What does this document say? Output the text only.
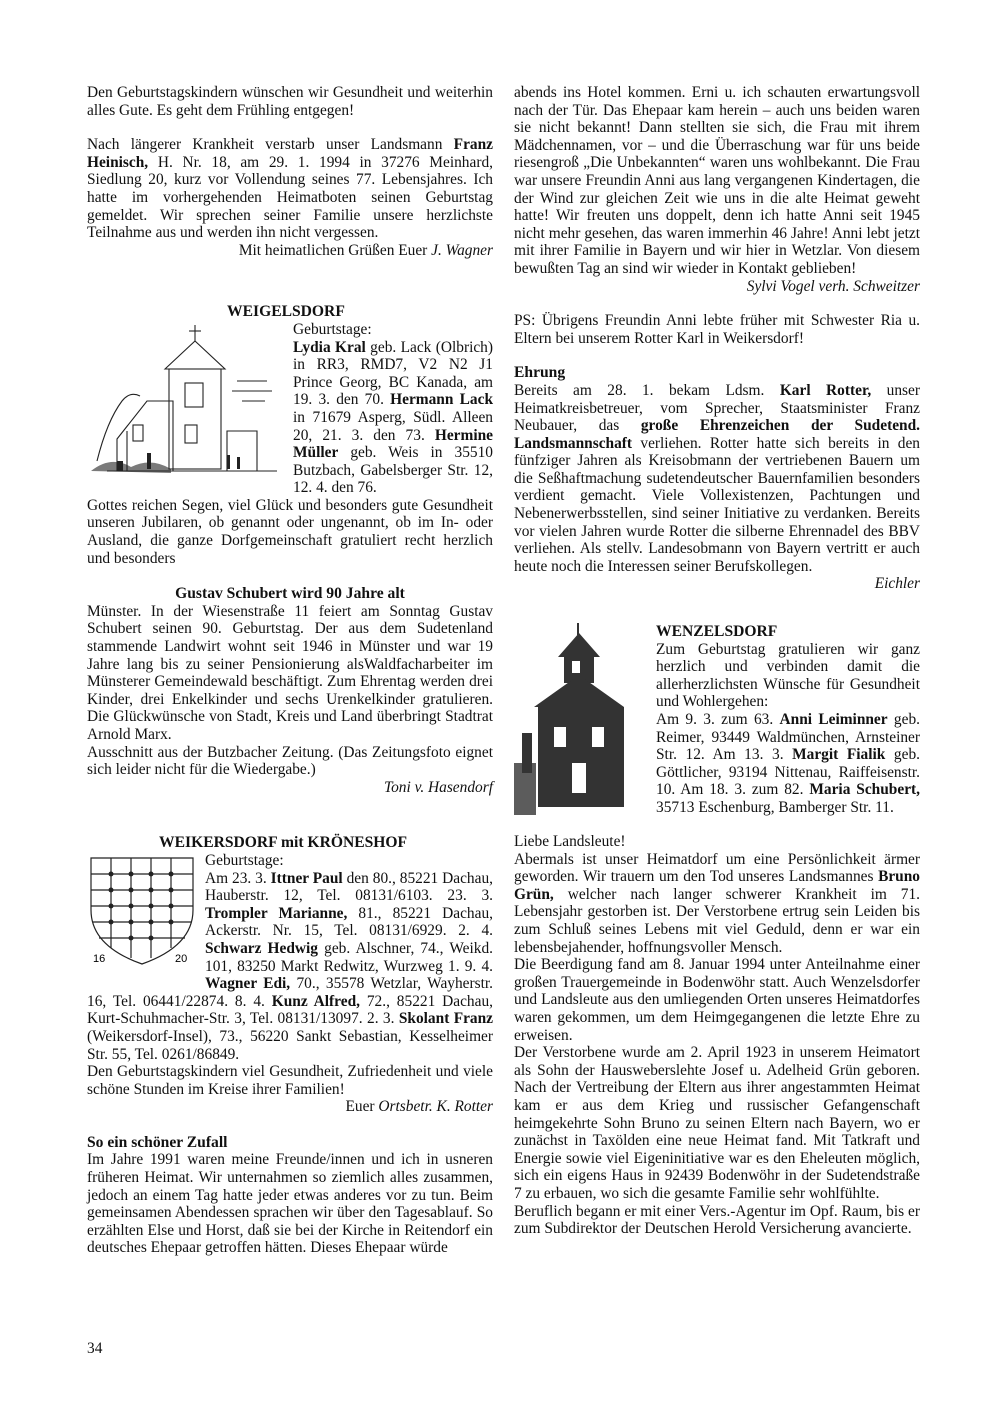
Den Geburtstagskindern wünschen wir Gesundheit und weiterhin alles Gute. Es geht dem Frühling entgegen!

Nach längerer Krankheit verstarb unser Landsmann Franz Heinisch, H. Nr. 18, am 29. 1. 1994 in 37276 Meinhard, Siedlung 20, kurz vor Vollendung seines 77. Lebensjahres. Ich hatte im vorhergehenden Heimatboten seinen Geburtstag gemeldet. Wir sprechen seiner Familie unsere herzlichste Teilnahme aus und werden ihn nicht vergessen.

Mit heimatlichen Grüßen Euer J. Wagner

WEIGELSDORF
Geburtstage:

Lydia Kral geb. Lack (Olbrich) in RR3, RMD7, V2 N2 J1 Prince Georg, BC Kanada, am 19. 3. den 70. Hermann Lack in 71679 Asperg, Südl. Alleen 20, 21. 3. den 73. Hermine Müller geb. Weis in 35510 Butzbach, Gabelsberger Str. 12, 12. 4. den 76.

Gottes reichen Segen, viel Glück und besonders gute Gesundheit unseren Jubilaren, ob genannt oder ungenannt, ob im In- oder Ausland, die ganze Dorfgemeinschaft gratuliert recht herzlich und besonders

Gustav Schubert wird 90 Jahre alt

Münster. In der Wiesenstraße 11 feiert am Sonntag Gustav Schubert seinen 90. Geburtstag. Der aus dem Sudetenland stammende Landwirt wohnt seit 1946 in Münster und war 19 Jahre lang bis zu seiner Pensionierung alsWaldfacharbeiter im Münsterer Gemeindewald beschäftigt. Zum Ehrentag werden drei Kinder, drei Enkelkinder und sechs Urenkelkinder gratulieren. Die Glückwünsche von Stadt, Kreis und Land überbringt Stadtrat Arnold Marx.

Ausschnitt aus der Butzbacher Zeitung. (Das Zeitungsfoto eignet sich leider nicht für die Wiedergabe.)

Toni v. Hasendorf

WEIKERSDORF mit KRÖNESHOF
16	20
Geburtstage:

Am 23. 3. Ittner Paul den 80., 85221 Dachau, Hauberstr. 12, Tel. 08131/6103. 23. 3. Trompler Marianne, 81., 85221 Dachau, Ackerstr. Nr. 15, Tel. 08131/6929. 2. 4. Schwarz Hedwig geb. Alschner, 74., Weikd. 101, 83250 Markt Redwitz, Wurzweg 1. 9. 4. Wagner Edi, 70., 35578 Wetzlar, Wayherstr. 16, Tel. 06441/22874. 8. 4. Kunz Alfred, 72., 85221 Dachau, Kurt-Schuhmacher-Str. 3, Tel. 08131/13097. 2. 3. Skolant Franz (Weikersdorf-Insel), 73., 56220 Sankt Sebastian, Kesselheimer Str. 55, Tel. 0261/86849.

Den Geburtstagskindern viel Gesundheit, Zufriedenheit und viele schöne Stunden im Kreise ihrer Familien!

Euer Ortsbetr. K. Rotter

So ein schöner Zufall

Im Jahre 1991 waren meine Freunde/innen und ich in usneren früheren Heimat. Wir unternahmen so ziemlich alles zusammen, jedoch an einem Tag hatte jeder etwas anderes vor zu tun. Beim gemeinsamen Abendessen sprachen wir über den Tagesablauf. So erzählten Else und Horst, daß sie bei der Kirche in Reitendorf ein deutsches Ehepaar getroffen hätten. Dieses Ehepaar würde

abends ins Hotel kommen. Erni u. ich schauten erwartungsvoll nach der Tür. Das Ehepaar kam herein – auch uns beiden waren sie nicht bekannt! Dann stellten sie sich, die Frau mit ihrem Mädchennamen, vor – und die Überraschung war für uns beide riesengroß „Die Unbekannten“ waren uns wohlbekannt. Die Frau war unsere Freundin Anni aus lang vergangenen Kindertagen, die der Wind zur gleichen Zeit wie uns in die alte Heimat geweht hatte! Wir freuten uns doppelt, denn ich hatte Anni seit 1945 nicht mehr gesehen, das waren immerhin 46 Jahre! Anni lebt jetzt mit ihrer Familie in Bayern und wir hier in Wetzlar. Von diesem bewußten Tag an sind wir wieder in Kontakt geblieben!

Sylvi Vogel verh. Schweitzer

PS: Übrigens Freundin Anni lebte früher mit Schwester Ria u. Eltern bei unserem Rotter Karl in Weikersdorf!

Ehrung

Bereits am 28. 1. bekam Ldsm. Karl Rotter, unser Heimatkreisbetreuer, vom Sprecher, Staatsminister Franz Neubauer, das große Ehrenzeichen der Sudetend. Landsmannschaft verliehen. Rotter hatte sich bereits in den fünfziger Jahren als Kreisobmann der vertriebenen Bauern um die Seßhaftmachung sudetendeutscher Bauernfamilien besonders verdient gemacht. Viele Vollexistenzen, Pachtungen und Nebenerwerbsstellen, sind seiner Initiative zu verdanken. Bereits vor vielen Jahren wurde Rotter die silberne Ehrennadel des BBV verliehen. Als stellv. Landesobmann von Bayern vertritt er auch heute noch die Interessen seiner Berufskollegen.

Eichler

WENZELSDORF

Zum Geburtstag gratulieren wir ganz herzlich und verbinden damit die allerherzlichsten Wünsche für Gesundheit und Wohlergehen:

Am 9. 3. zum 63. Anni Leiminner geb. Reimer, 93449 Waldmünchen, Arnsteiner Str. 12. Am 13. 3. Margit Fialik geb. Göttlicher, 93194 Nittenau, Raiffeisenstr. 10. Am 18. 3. zum 82. Maria Schubert, 35713 Eschenburg, Bamberger Str. 11.

Liebe Landsleute!

Abermals ist unser Heimatdorf um eine Persönlichkeit ärmer geworden. Wir trauern um den Tod unseres Landsmannes Bruno Grün, welcher nach langer schwerer Krankheit im 71. Lebensjahr gestorben ist. Der Verstorbene ertrug sein Leiden bis zum Schluß seines Lebens mit viel Geduld, denn er war ein lebensbejahender, hoffnungsvoller Mensch.

Die Beerdigung fand am 8. Januar 1994 unter Anteilnahme einer großen Trauergemeinde in Bodenwöhr statt. Auch Wenzelsdorfer und Landsleute aus den umliegenden Orten unseres Heimatdorfes waren gekommen, um dem Heimgegangenen die letzte Ehre zu erweisen.

Der Verstorbene wurde am 2. April 1923 in unserem Heimatort als Sohn der Hausweberslehte Josef u. Adelheid Grün geboren. Nach der Vertreibung der Eltern aus ihrer angestammten Heimat kam er aus dem Krieg und russischer Gefangenschaft heimgekehrte Sohn Bruno zu seinen Eltern nach Bayern, wo er zunächst in Taxölden eine neue Heimat fand. Mit Tatkraft und Energie sowie viel Eigeninitiative war es den Eheleuten möglich, sich ein eigens Haus in 92439 Bodenwöhr in der Sudetendstraße 7 zu erbauen, wo sich die gesamte Familie sehr wohlfühlte.

Beruflich begann er mit einer Vers.-Agentur im Opf. Raum, bis er zum Subdirektor der Deutschen Herold Versicherung avancierte.

34
